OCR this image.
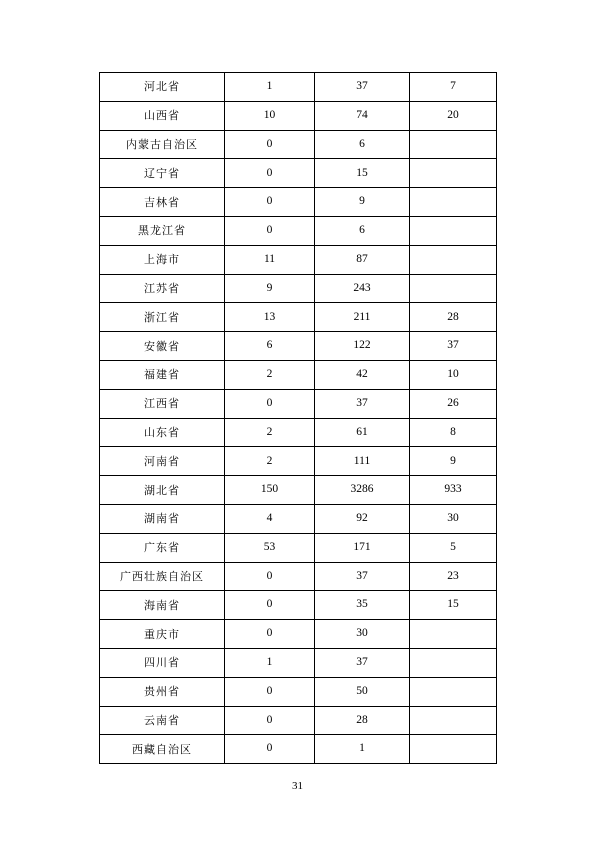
河北省	1	37	7
山西省	10	74	20
内蒙古自治区	0	6	
辽宁省	0	15	
吉林省	0	9	
黑龙江省	0	6	
上海市	11	87	
江苏省	9	243	
浙江省	13	211	28
安徽省	6	122	37
福建省	2	42	10
江西省	0	37	26
山东省	2	61	8
河南省	2	111	9
湖北省	150	3286	933
湖南省	4	92	30
广东省	53	171	5
广西壮族自治区	0	37	23
海南省	0	35	15
重庆市	0	30	
四川省	1	37	
贵州省	0	50	
云南省	0	28	
西藏自治区	0	1	
31
